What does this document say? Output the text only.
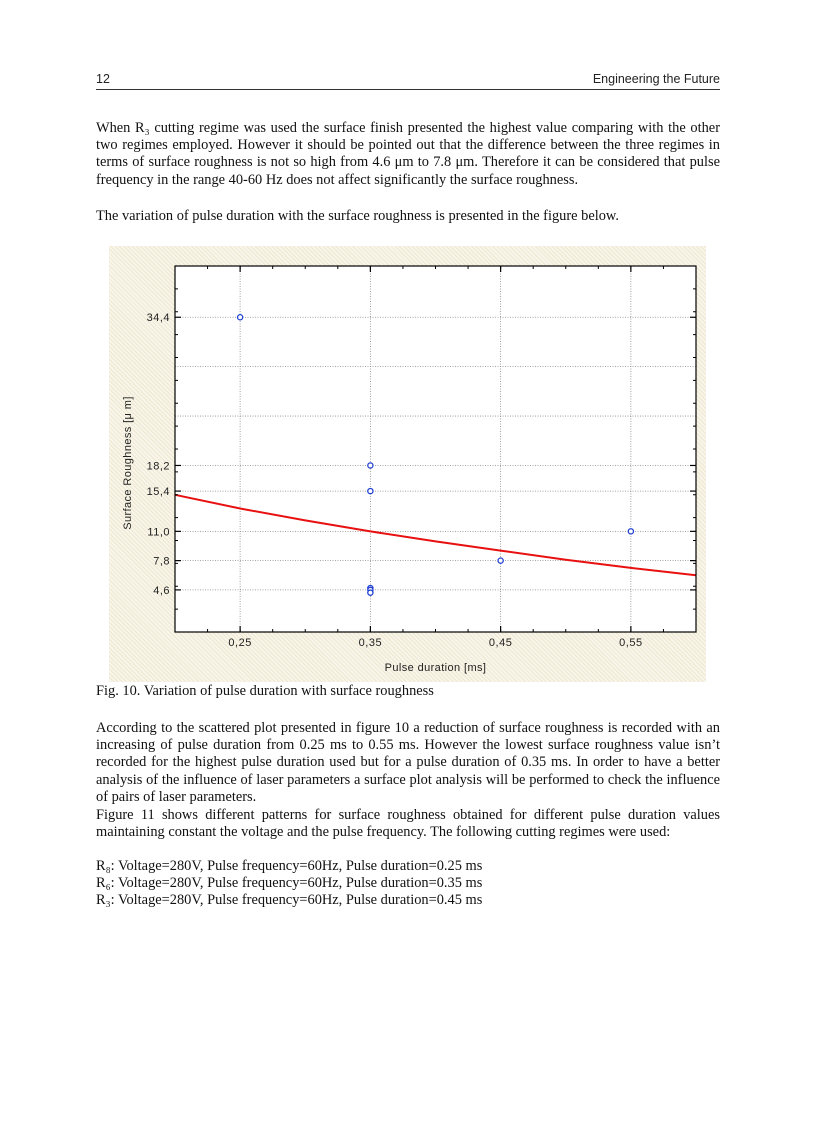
12	Engineering the Future

When R₃ cutting regime was used the surface finish presented the highest value comparing with the other two regimes employed. However it should be pointed out that the difference between the three regimes in terms of surface roughness is not so high from 4.6 μm to 7.8 μm. Therefore it can be considered that pulse frequency in the range 40-60 Hz does not affect significantly the surface roughness.

The variation of pulse duration with the surface roughness is presented in the figure below.

0,25	0,35	0,45	0,55
4,6
7,8
11,0
15,4
18,2
34,4
Pulse duration [ms]
Surface Roughness [μ m]

Fig. 10. Variation of pulse duration with surface roughness

According to the scattered plot presented in figure 10 a reduction of surface roughness is recorded with an increasing of pulse duration from 0.25 ms to 0.55 ms. However the lowest surface roughness value isn’t recorded for the highest pulse duration used but for a pulse duration of 0.35 ms. In order to have a better analysis of the influence of laser parameters a surface plot analysis will be performed to check the influence of pairs of laser parameters.

Figure 11 shows different patterns for surface roughness obtained for different pulse duration values maintaining constant the voltage and the pulse frequency. The following cutting regimes were used:

R₈: Voltage=280V, Pulse frequency=60Hz, Pulse duration=0.25 ms

R₆: Voltage=280V, Pulse frequency=60Hz, Pulse duration=0.35 ms

R₃: Voltage=280V, Pulse frequency=60Hz, Pulse duration=0.45 ms
